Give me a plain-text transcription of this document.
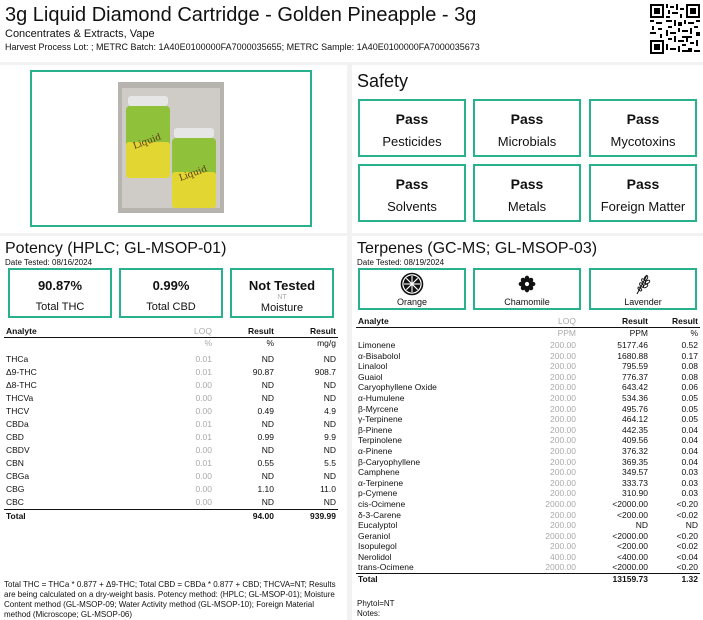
3g Liquid Diamond Cartridge - Golden Pineapple - 3g
Concentrates & Extracts, Vape
Harvest Process Lot: ; METRC Batch: 1A40E0100000FA7000035655; METRC Sample: 1A40E0100000FA7000035673
Liquid
Liquid
Safety
Pass
Pesticides
Pass
Microbials
Pass
Mycotoxins
Pass
Solvents
Pass
Metals
Pass
Foreign Matter
Potency (HPLC; GL-MSOP-01)
Date Tested: 08/16/2024
90.87%
Total THC
0.99%
Total CBD
Not Tested
NT
Moisture
Analyte	LOQ	Result	Result
	%	%	mg/g
THCa	0.01	ND	ND
Δ9-THC	0.01	90.87	908.7
Δ8-THC	0.00	ND	ND
THCVa	0.00	ND	ND
THCV	0.00	0.49	4.9
CBDa	0.01	ND	ND
CBD	0.01	0.99	9.9
CBDV	0.00	ND	ND
CBN	0.01	0.55	5.5
CBGa	0.00	ND	ND
CBG	0.00	1.10	11.0
CBC	0.00	ND	ND
Total		94.00	939.99
Total THC = THCa * 0.877 + Δ9-THC; Total CBD = CBDa * 0.877 + CBD; THCVA=NT; Results are being calculated on a dry-weight basis. Potency method: (HPLC; GL-MSOP-01); Moisture Content method (GL-MSOP-09; Water Activity method (GL-MSOP-10); Foreign Material method (Microscope; GL-MSOP-06)
Terpenes (GC-MS; GL-MSOP-03)
Date Tested: 08/19/2024
Orange	Chamomile	Lavender
Analyte	LOQ	Result	Result
	PPM	PPM	%
Limonene	200.00	5177.46	0.52
α-Bisabolol	200.00	1680.88	0.17
Linalool	200.00	795.59	0.08
Guaiol	200.00	776.37	0.08
Caryophyllene Oxide	200.00	643.42	0.06
α-Humulene	200.00	534.36	0.05
β-Myrcene	200.00	495.76	0.05
γ-Terpinene	200.00	464.12	0.05
β-Pinene	200.00	442.35	0.04
Terpinolene	200.00	409.56	0.04
α-Pinene	200.00	376.32	0.04
β-Caryophyllene	200.00	369.35	0.04
Camphene	200.00	349.57	0.03
α-Terpinene	200.00	333.73	0.03
p-Cymene	200.00	310.90	0.03
cis-Ocimene	2000.00	<2000.00	<0.20
δ-3-Carene	200.00	<200.00	<0.02
Eucalyptol	200.00	ND	ND
Geraniol	2000.00	<2000.00	<0.20
Isopulegol	200.00	<200.00	<0.02
Nerolidol	400.00	<400.00	<0.04
trans-Ocimene	2000.00	<2000.00	<0.20
Total		13159.73	1.32
Phytol=NT
Notes:
